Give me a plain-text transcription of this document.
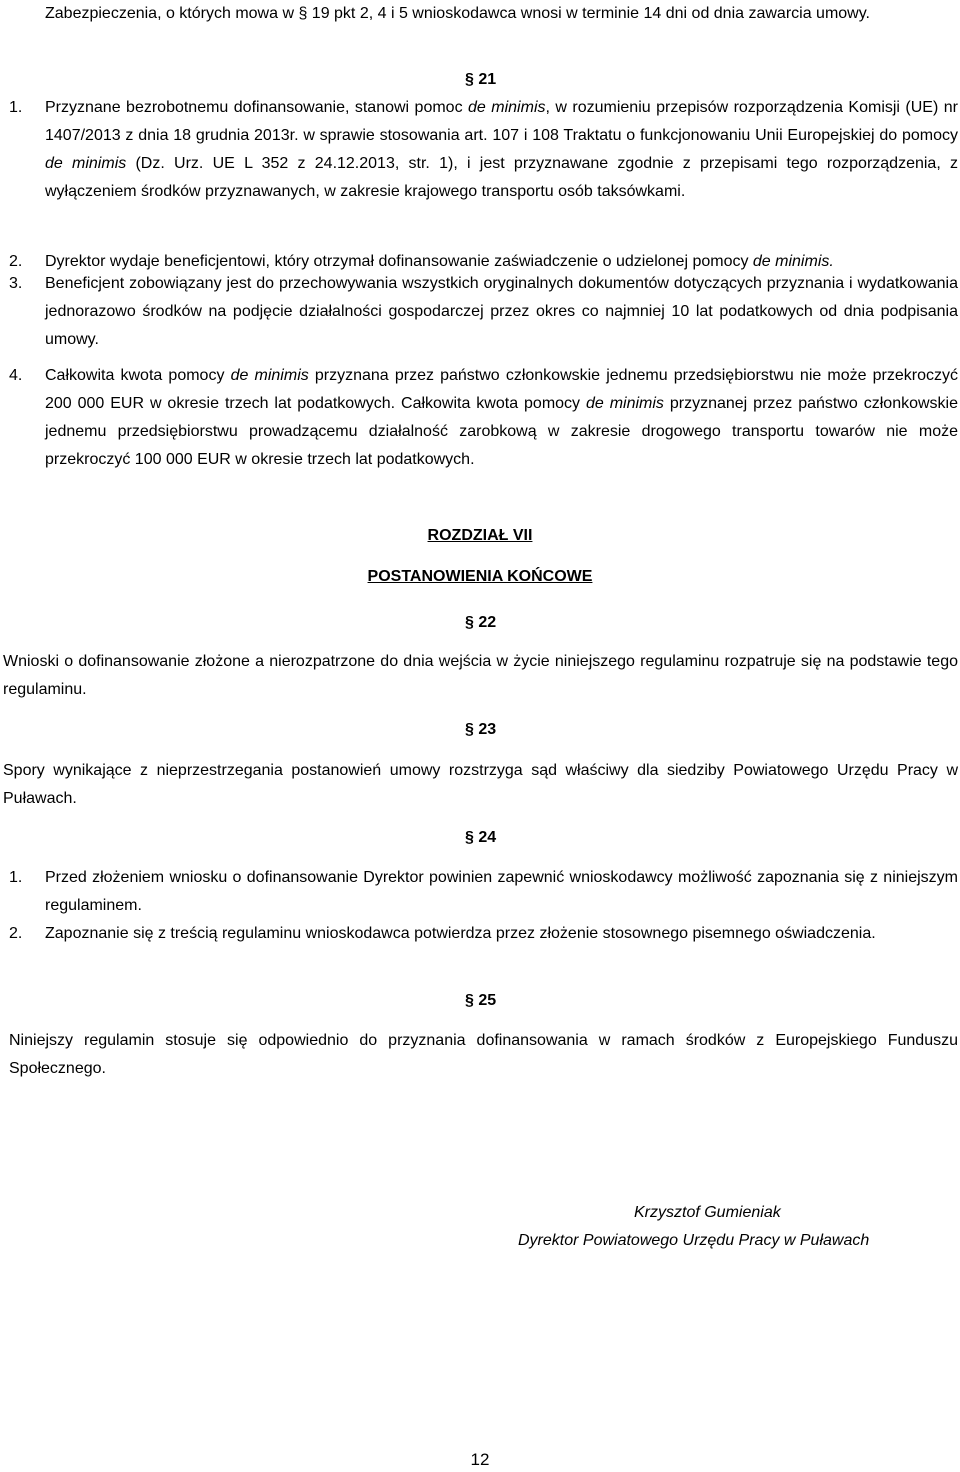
Zabezpieczenia, o których mowa w § 19 pkt 2, 4 i 5 wnioskodawca wnosi w terminie 14 dni od dnia zawarcia umowy.

§ 21
1.	Przyznane bezrobotnemu dofinansowanie, stanowi pomoc de minimis, w rozumieniu przepisów rozporządzenia Komisji (UE) nr 1407/2013 z dnia 18 grudnia 2013r. w sprawie stosowania art. 107 i 108 Traktatu o funkcjonowaniu Unii Europejskiej do pomocy de minimis (Dz. Urz. UE L 352 z 24.12.2013, str. 1), i jest przyznawane zgodnie z przepisami tego rozporządzenia, z wyłączeniem środków przyznawanych, w zakresie krajowego transportu osób taksówkami.

2.	Dyrektor wydaje beneficjentowi, który otrzymał dofinansowanie zaświadczenie o udzielonej pomocy de minimis.

3.	Beneficjent zobowiązany jest do przechowywania wszystkich oryginalnych dokumentów dotyczących przyznania i wydatkowania jednorazowo środków na podjęcie działalności gospodarczej przez okres co najmniej 10 lat podatkowych od dnia podpisania umowy.

4.	Całkowita kwota pomocy de minimis przyznana przez państwo członkowskie jednemu przedsiębiorstwu nie może przekroczyć 200 000 EUR w okresie trzech lat podatkowych. Całkowita kwota pomocy de minimis przyznanej przez państwo członkowskie jednemu przedsiębiorstwu prowadzącemu działalność zarobkową w zakresie drogowego transportu towarów nie może przekroczyć 100 000 EUR w okresie trzech lat podatkowych.

ROZDZIAŁ VII
POSTANOWIENIA KOŃCOWE
§ 22

Wnioski o dofinansowanie złożone a nierozpatrzone do dnia wejścia w życie niniejszego regulaminu rozpatruje się na podstawie tego regulaminu.

§ 23

Spory wynikające z nieprzestrzegania postanowień umowy rozstrzyga sąd właściwy dla siedziby Powiatowego Urzędu Pracy w Puławach.

§ 24
1.	Przed złożeniem wniosku o dofinansowanie Dyrektor powinien zapewnić wnioskodawcy możliwość zapoznania się z niniejszym regulaminem.

2.	Zapoznanie się z treścią regulaminu wnioskodawca potwierdza przez złożenie stosownego pisemnego oświadczenia.

§ 25

Niniejszy regulamin stosuje się odpowiednio do przyznania dofinansowania w ramach środków z Europejskiego Funduszu Społecznego.

Krzysztof Gumieniak
Dyrektor Powiatowego Urzędu Pracy w Puławach
12
